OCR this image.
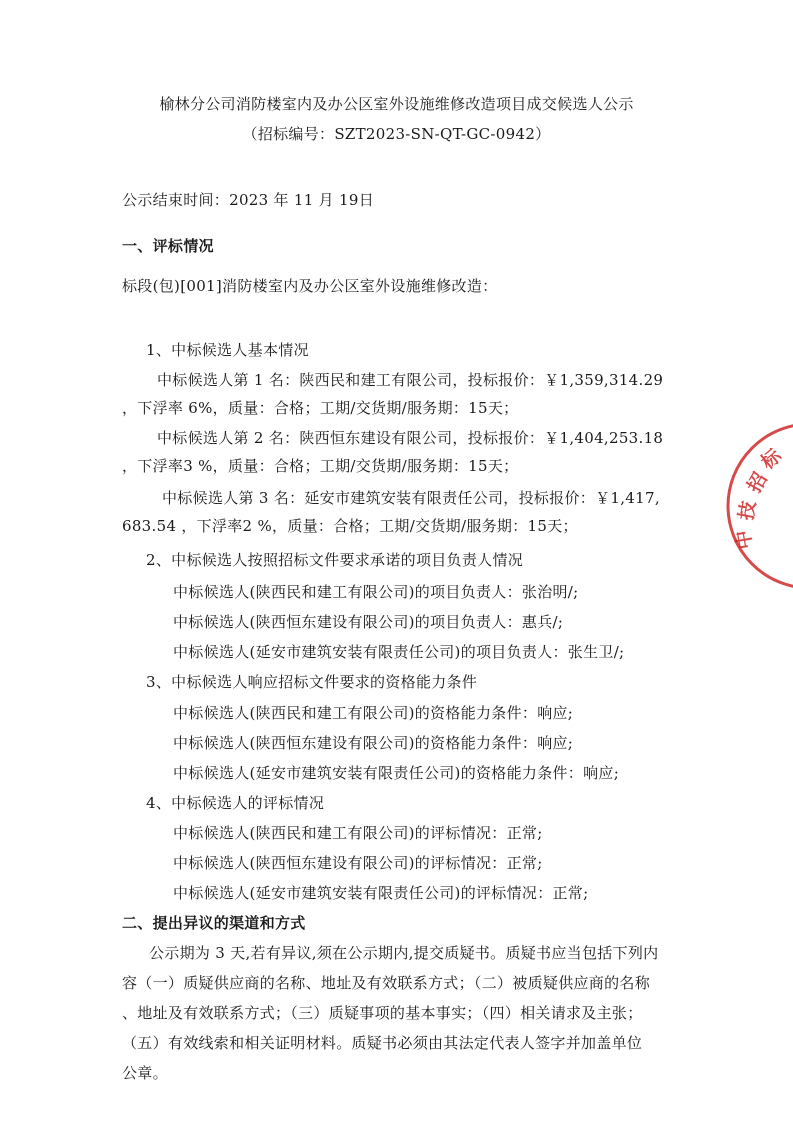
榆林分公司消防楼室内及办公区室外设施维修改造项目成交候选人公示
（招标编号：SZT2023-SN-QT-GC-0942）
公示结束时间：2023 年 11 月 19日
一、评标情况
标段(包)[001]消防楼室内及办公区室外设施维修改造：
1、中标候选人基本情况
中标候选人第 1 名：陕西民和建工有限公司，投标报价：￥1,359,314.29
，下浮率 6%，质量：合格；工期/交货期/服务期：15天；
中标候选人第 2 名：陕西恒东建设有限公司，投标报价：￥1,404,253.18
，下浮率3 %，质量：合格；工期/交货期/服务期：15天；
中标候选人第 3 名：延安市建筑安装有限责任公司，投标报价：￥1,417,
683.54 ，下浮率2 %，质量：合格；工期/交货期/服务期：15天；
2、中标候选人按照招标文件要求承诺的项目负责人情况
中标候选人(陕西民和建工有限公司)的项目负责人：张治明/;
中标候选人(陕西恒东建设有限公司)的项目负责人：惠兵/;
中标候选人(延安市建筑安装有限责任公司)的项目负责人：张生卫/;
3、中标候选人响应招标文件要求的资格能力条件
中标候选人(陕西民和建工有限公司)的资格能力条件：响应;
中标候选人(陕西恒东建设有限公司)的资格能力条件：响应;
中标候选人(延安市建筑安装有限责任公司)的资格能力条件：响应;
4、中标候选人的评标情况
中标候选人(陕西民和建工有限公司)的评标情况：正常;
中标候选人(陕西恒东建设有限公司)的评标情况：正常;
中标候选人(延安市建筑安装有限责任公司)的评标情况：正常;
二、提出异议的渠道和方式
公示期为 3 天,若有异议,须在公示期内,提交质疑书。质疑书应当包括下列内
容（一）质疑供应商的名称、地址及有效联系方式；（二）被质疑供应商的名称
、地址及有效联系方式；（三）质疑事项的基本事实；（四）相关请求及主张；
（五）有效线索和相关证明材料。质疑书必须由其法定代表人签字并加盖单位
公章。
标
招
技
中
